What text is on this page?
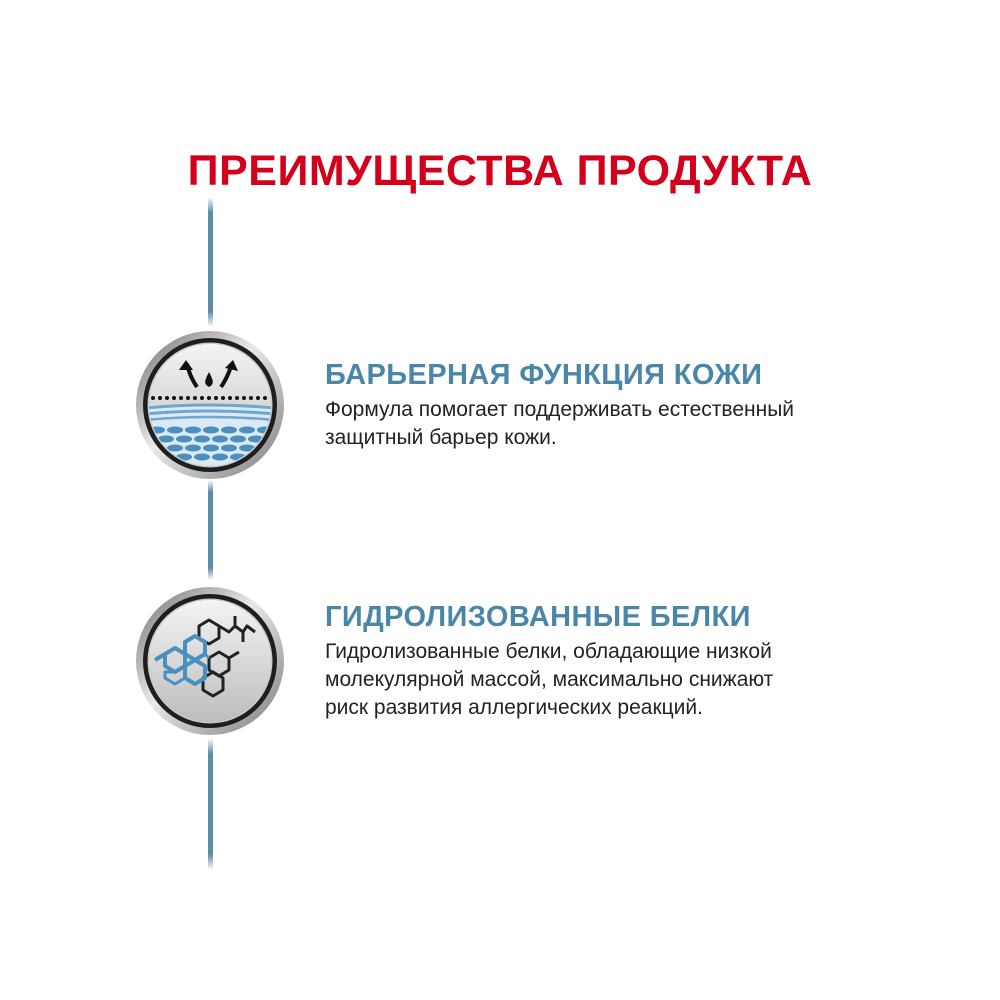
ПРЕИМУЩЕСТВА ПРОДУКТА
БАРЬЕРНАЯ ФУНКЦИЯ КОЖИ

Формула помогает поддерживать естественный
защитный барьер кожи.

ГИДРОЛИЗОВАННЫЕ БЕЛКИ

Гидролизованные белки, обладающие низкой
молекулярной массой, максимально снижают
риск развития аллергических реакций.
